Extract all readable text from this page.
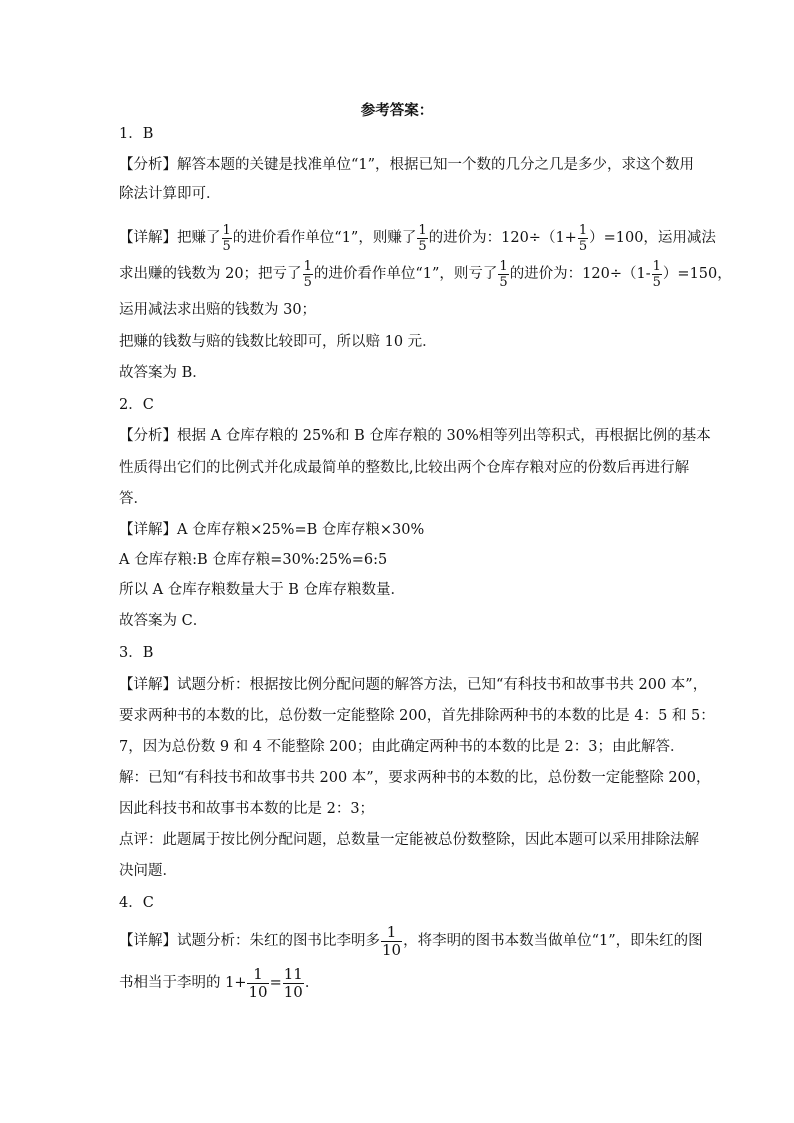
参考答案：
1．B
【分析】解答本题的关键是找准单位“1”，根据已知一个数的几分之几是多少，求这个数用
除法计算即可．
【详解】把赚了 $\frac{1}{5}$ 的进价看作单位“1”，则赚了 $\frac{1}{5}$ 的进价为：$120\div(1+ \frac{1}{5} )=100$，运用减法
求出赚的钱数为 20；把亏了 $\frac{1}{5}$ 的进价看作单位“1”，则亏了 $\frac{1}{5}$ 的进价为：$120\div(1- \frac{1}{5} )=150$，
运用减法求出赔的钱数为 30；
把赚的钱数与赔的钱数比较即可，所以赔 10 元．
故答案为 B．
2．C
【分析】根据 A 仓库存粮的 25%和 B 仓库存粮的 30%相等列出等积式，再根据比例的基本
性质得出它们的比例式并化成最简单的整数比,比较出两个仓库存粮对应的份数后再进行解
答．
【详解】A 仓库存粮×25%=B 仓库存粮×30%
A 仓库存粮:B 仓库存粮=30%:25%=6:5
所以 A 仓库存粮数量大于 B 仓库存粮数量．
故答案为 C．
3．B
【详解】试题分析：根据按比例分配问题的解答方法，已知“有科技书和故事书共 200 本”，
要求两种书的本数的比，总份数一定能整除 200，首先排除两种书的本数的比是 4：5 和 5：
7，因为总份数 9 和 4 不能整除 200；由此确定两种书的本数的比是 2：3；由此解答．
解：已知“有科技书和故事书共 200 本”，要求两种书的本数的比，总份数一定能整除 200，
因此科技书和故事书本数的比是 2：3；
点评：此题属于按比例分配问题，总数量一定能被总份数整除，因此本题可以采用排除法解
决问题．
4．C
【详解】试题分析：朱红的图书比李明多 $\frac{1}{10}$ ，将李明的图书本数当做单位“1”，即朱红的图
书相当于李明的 $1+ \frac{1}{10} = \frac{11}{10}$ ．
